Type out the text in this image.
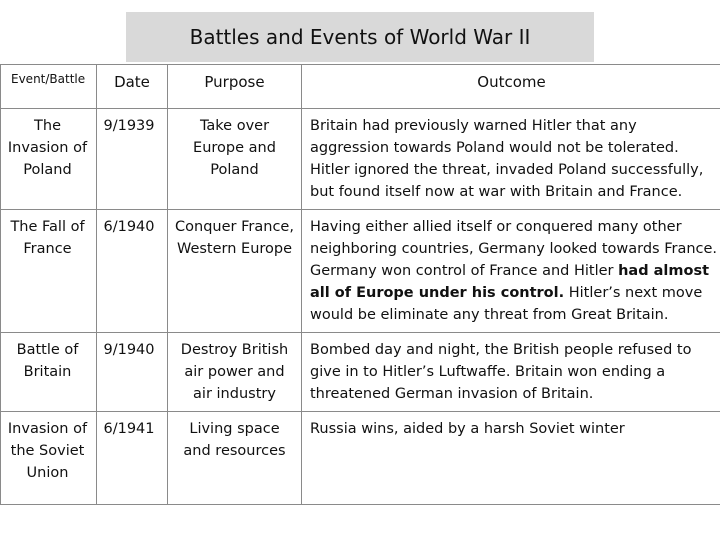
Battles and Events of World War II
Event/Battle	Date	Purpose	Outcome
The Invasion of Poland	9/1939	Take over Europe and Poland	Britain had previously warned Hitler that any aggression towards Poland would not be tolerated. Hitler ignored the threat, invaded Poland successfully, but found itself now at war with Britain and France.
The Fall of France	6/1940	Conquer France, Western Europe	Having either allied itself or conquered many other neighboring countries, Germany looked towards France. Germany won control of France and Hitler had almost all of Europe under his control. Hitler’s next move would be eliminate any threat from Great Britain.
Battle of Britain	9/1940	Destroy British air power and air industry	Bombed day and night, the British people refused to give in to Hitler’s Luftwaffe. Britain won ending a threatened German invasion of Britain.
Invasion of the Soviet Union	6/1941	Living space and resources	Russia wins, aided by a harsh Soviet winter
